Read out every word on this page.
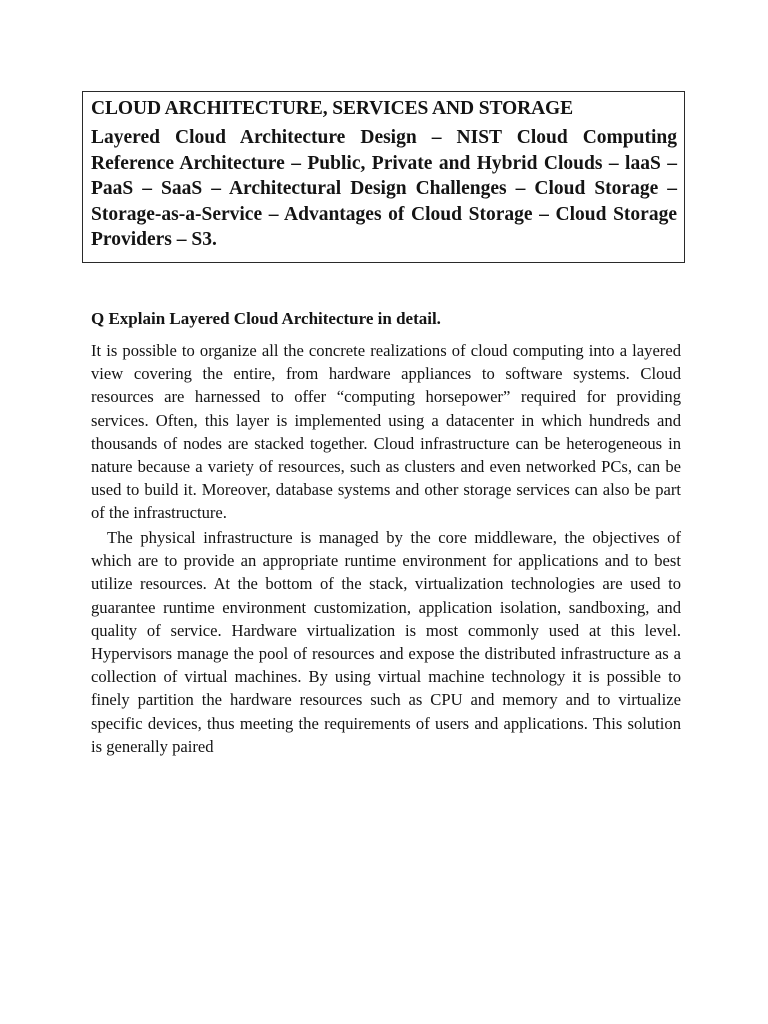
CLOUD ARCHITECTURE, SERVICES AND STORAGE

Layered Cloud Architecture Design – NIST Cloud Computing Reference Architecture – Public, Private and Hybrid Clouds – laaS – PaaS – SaaS – Architectural Design Challenges – Cloud Storage – Storage-as-a-Service – Advantages of Cloud Storage – Cloud Storage Providers – S3.

Q Explain Layered Cloud Architecture in detail.

It is possible to organize all the concrete realizations of cloud computing into a layered view covering the entire, from hardware appliances to software systems. Cloud resources are harnessed to offer “computing horsepower” required for providing services. Often, this layer is implemented using a datacenter in which hundreds and thousands of nodes are stacked together. Cloud infrastructure can be heterogeneous in nature because a variety of resources, such as clusters and even networked PCs, can be used to build it. Moreover, database systems and other storage services can also be part of the infrastructure.

The physical infrastructure is managed by the core middleware, the objectives of which are to provide an appropriate runtime environment for applications and to best utilize resources. At the bottom of the stack, virtualization technologies are used to guarantee runtime environment customization, application isolation, sandboxing, and quality of service. Hardware virtualization is most commonly used at this level. Hypervisors manage the pool of resources and expose the distributed infrastructure as a collection of virtual machines. By using virtual machine technology it is possible to finely partition the hardware resources such as CPU and memory and to virtualize specific devices, thus meeting the requirements of users and applications. This solution is generally paired
